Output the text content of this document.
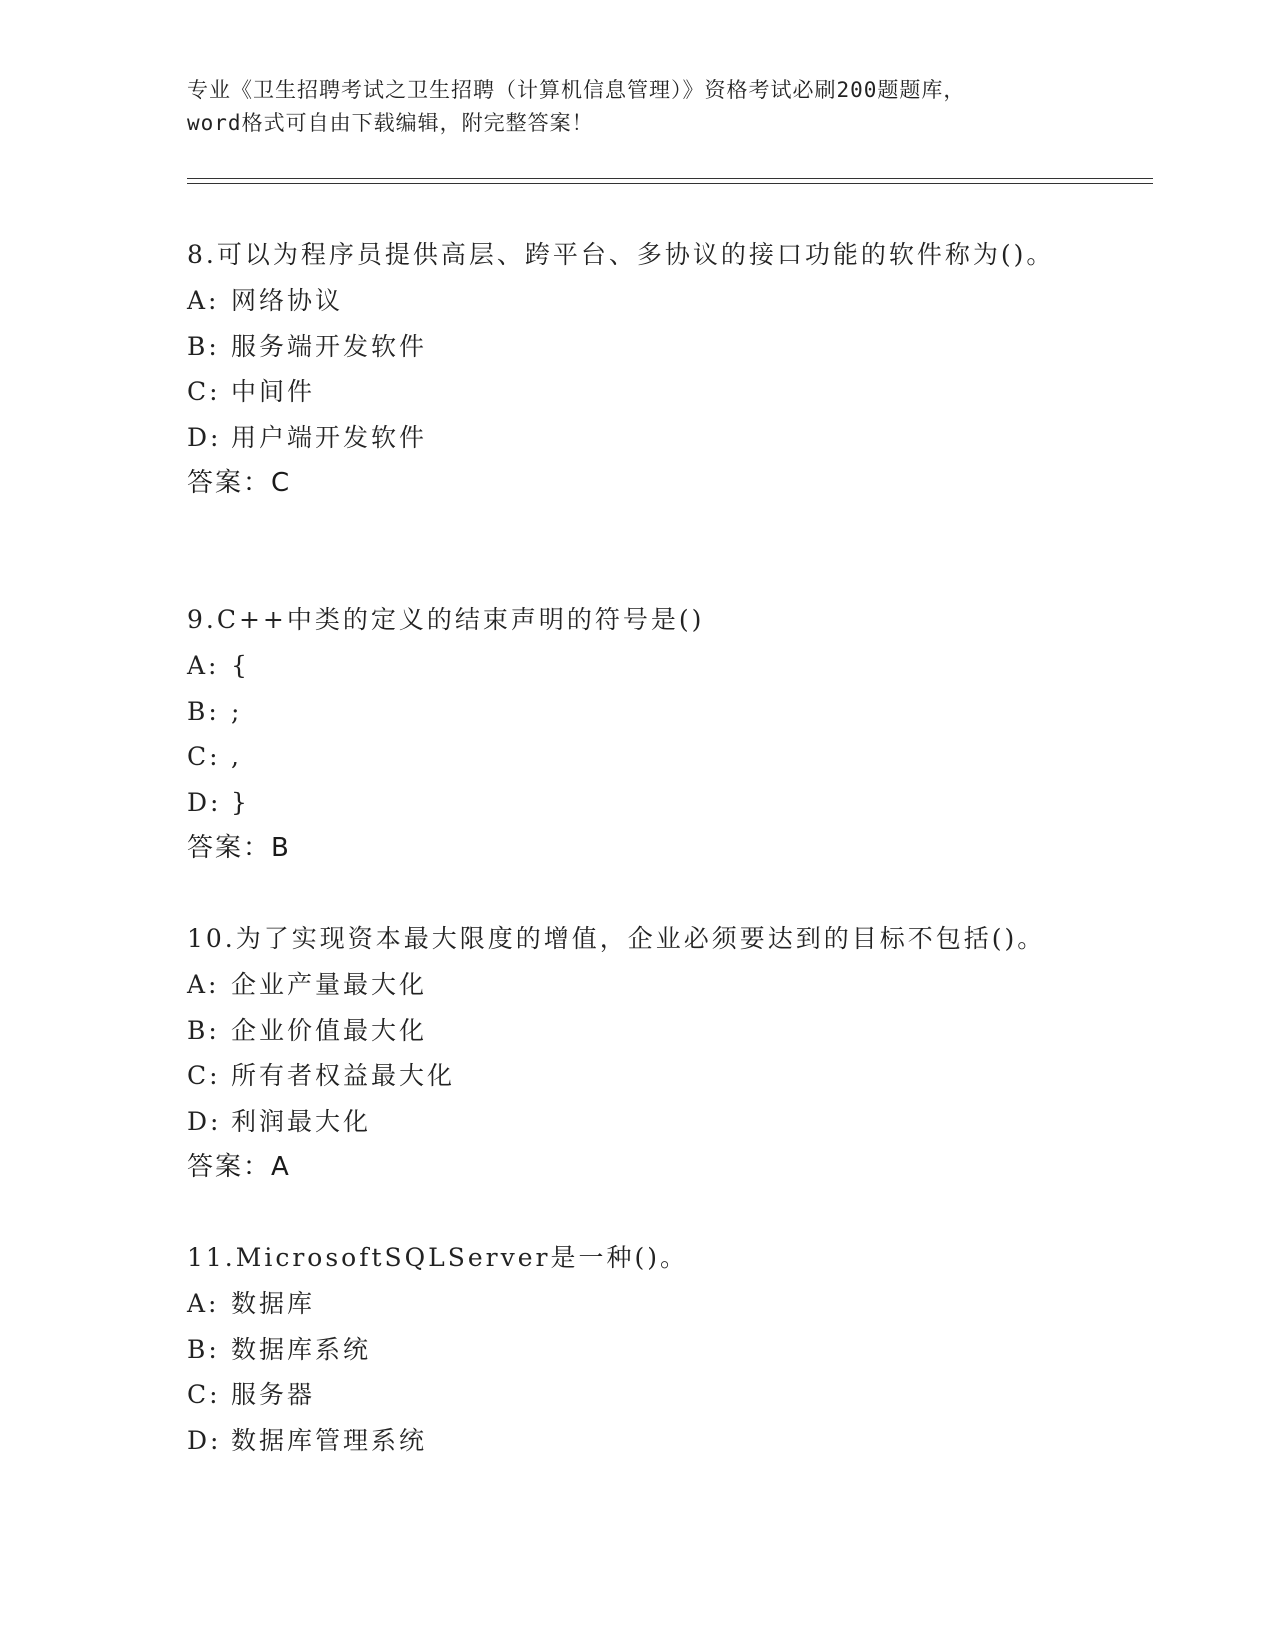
专业《卫生招聘考试之卫生招聘（计算机信息管理）》资格考试必刷200题题库，
word格式可自由下载编辑，附完整答案！

8.可以为程序员提供高层、跨平台、多协议的接口功能的软件称为()。

A: 网络协议

B: 服务端开发软件

C: 中间件

D: 用户端开发软件

答案：C

9.C++中类的定义的结束声明的符号是()

A: {

B: ;

C: ,

D: }

答案：B

10.为了实现资本最大限度的增值，企业必须要达到的目标不包括()。

A: 企业产量最大化

B: 企业价值最大化

C: 所有者权益最大化

D: 利润最大化

答案：A

11.MicrosoftSQLServer是一种()。

A: 数据库

B: 数据库系统

C: 服务器

D: 数据库管理系统
